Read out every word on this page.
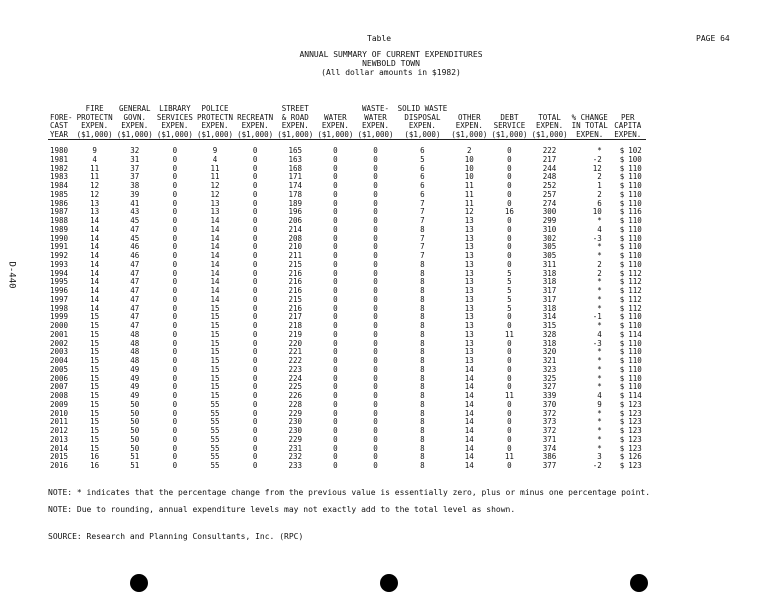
Table	PAGE 64
ANNUAL SUMMARY OF CURRENT EXPENDITURES
NEWBOLD TOWN
(All dollar amounts in $1982)
D-440
FORE-
CAST
YEAR	FIRE
PROTECTN
EXPEN.
($1,000)	GENERAL
GOVN.
EXPEN.
($1,000)	LIBRARY
SERVICES
EXPEN.
($1,000)	POLICE
PROTECTN
EXPEN.
($1,000)	RECREATN
EXPEN.
($1,000)	STREET
& ROAD
EXPEN.
($1,000)	WATER
EXPEN.
($1,000)	WASTE-
WATER
EXPEN.
($1,000)	SOLID WASTE
DISPOSAL
EXPEN.
($1,000)	OTHER
EXPEN.
($1,000)	DEBT
SERVICE
($1,000)	TOTAL
EXPEN.
($1,000)	% CHANGE
IN TOTAL
EXPEN.	PER
CAPITA
EXPEN.	

1980	9	32	0	9	0	165	0	0	6	2	0	222	*	$	102
1981	4	31	0	4	0	163	0	0	5	10	0	217	-2	$	100
1982	11	37	0	11	0	168	0	0	6	10	0	244	12	$	110
1983	11	37	0	11	0	171	0	0	6	10	0	248	2	$	110
1984	12	38	0	12	0	174	0	0	6	11	0	252	1	$	110
1985	12	39	0	12	0	178	0	0	6	11	0	257	2	$	110
1986	13	41	0	13	0	189	0	0	7	11	0	274	6	$	110
1987	13	43	0	13	0	196	0	0	7	12	16	300	10	$	116
1988	14	45	0	14	0	206	0	0	7	13	0	299	*	$	110
1989	14	47	0	14	0	214	0	0	8	13	0	310	4	$	110
1990	14	45	0	14	0	208	0	0	7	13	0	302	-3	$	110
1991	14	46	0	14	0	210	0	0	7	13	0	305	*	$	110
1992	14	46	0	14	0	211	0	0	7	13	0	305	*	$	110
1993	14	47	0	14	0	215	0	0	8	13	0	311	2	$	110
1994	14	47	0	14	0	216	0	0	8	13	5	318	2	$	112
1995	14	47	0	14	0	216	0	0	8	13	5	318	*	$	112
1996	14	47	0	14	0	216	0	0	8	13	5	317	*	$	112
1997	14	47	0	14	0	215	0	0	8	13	5	317	*	$	112
1998	14	47	0	15	0	216	0	0	8	13	5	318	*	$	112
1999	15	47	0	15	0	217	0	0	8	13	0	314	-1	$	110
2000	15	47	0	15	0	218	0	0	8	13	0	315	*	$	110
2001	15	48	0	15	0	219	0	0	8	13	11	328	4	$	114
2002	15	48	0	15	0	220	0	0	8	13	0	318	-3	$	110
2003	15	48	0	15	0	221	0	0	8	13	0	320	*	$	110
2004	15	48	0	15	0	222	0	0	8	13	0	321	*	$	110
2005	15	49	0	15	0	223	0	0	8	14	0	323	*	$	110
2006	15	49	0	15	0	224	0	0	8	14	0	325	*	$	110
2007	15	49	0	15	0	225	0	0	8	14	0	327	*	$	110
2008	15	49	0	15	0	226	0	0	8	14	11	339	4	$	114
2009	15	50	0	55	0	228	0	0	8	14	0	370	9	$	123
2010	15	50	0	55	0	229	0	0	8	14	0	372	*	$	123
2011	15	50	0	55	0	230	0	0	8	14	0	373	*	$	123
2012	15	50	0	55	0	230	0	0	8	14	0	372	*	$	123
2013	15	50	0	55	0	229	0	0	8	14	0	371	*	$	123
2014	15	50	0	55	0	231	0	0	8	14	0	374	*	$	123
2015	16	51	0	55	0	232	0	0	8	14	11	386	3	$	126
2016	16	51	0	55	0	233	0	0	8	14	0	377	-2	$	123
NOTE: * indicates that the percentage change from the previous value is essentially zero, plus or minus one percentage point.
NOTE: Due to rounding, annual expenditure levels may not exactly add to the total level as shown.
SOURCE: Research and Planning Consultants, Inc. (RPC)
